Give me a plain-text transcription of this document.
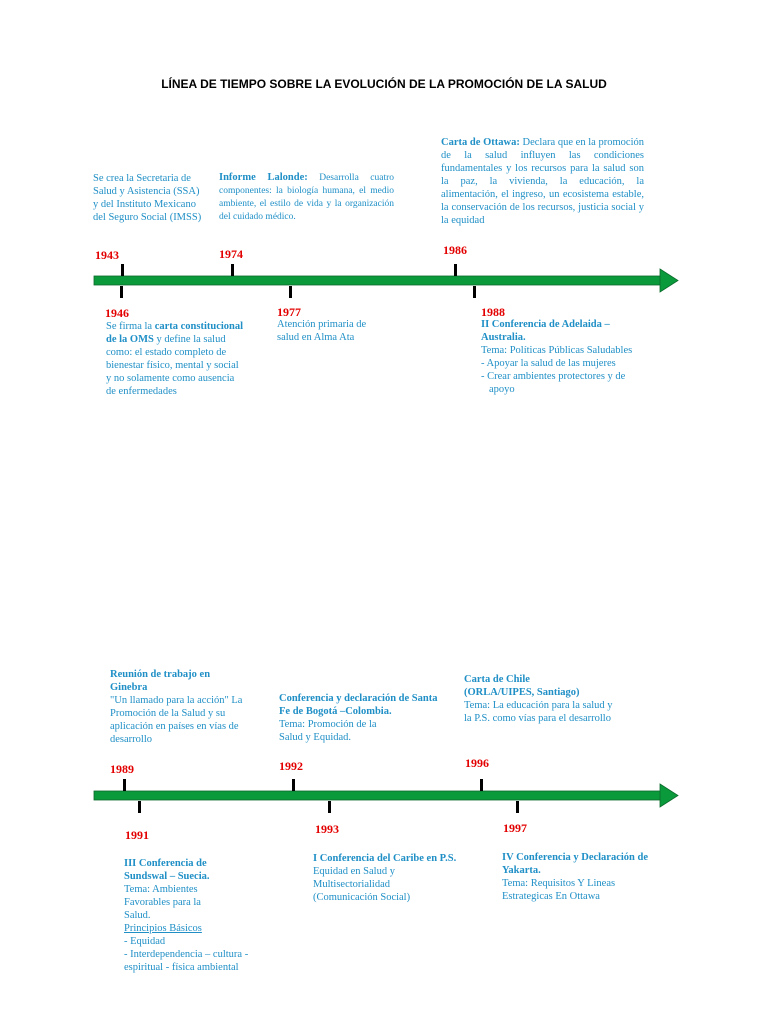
LÍNEA DE TIEMPO SOBRE LA EVOLUCIÓN DE LA PROMOCIÓN DE LA SALUD
1943	1974	1986
1946	1977	1988
Se crea la Secretaria de Salud y Asistencia (SSA) y del Instituto Mexicano del Seguro Social (IMSS)
Informe Lalonde: Desarrolla cuatro componentes: la biología humana, el medio ambiente, el estilo de vida y la organización del cuidado médico.
Carta de Ottawa: Declara que en la promoción de la salud influyen las condiciones fundamentales y los recursos para la salud son la paz, la vivienda, la educación, la alimentación, el ingreso, un ecosistema estable, la conservación de los recursos, justicia social y la equidad
Se firma la carta constitucional de la OMS y define la salud como: el estado completo de bienestar físico, mental y social y no solamente como ausencia de enfermedades
Atención primaria de salud en Alma Ata
II Conferencia de Adelaida – Australia.
Tema: Políticas Públicas Saludables
- Apoyar la salud de las mujeres
- Crear ambientes protectores y de
apoyo
1989	1992	1996
1991	1993	1997
Reunión de trabajo en Ginebra
"Un llamado para la acción" La Promoción de la Salud y su aplicación en países en vías de desarrollo
Conferencia y declaración de Santa Fe de Bogotá –Colombia.
Tema: Promoción de la Salud y Equidad.
Carta de Chile
(ORLA/UIPES, Santiago)
Tema: La educación para la salud y la P.S. como vías para el desarrollo
III Conferencia de Sundswal – Suecia.
Tema: Ambientes Favorables para la Salud.
Principios Básicos
- Equidad
- Interdependencia – cultura - espiritual - física ambiental
I Conferencia del Caribe en P.S.
Equidad en Salud y Multisectorialidad (Comunicación Social)
IV Conferencia y Declaración de Yakarta.
Tema: Requisitos Y Lineas Estrategicas En Ottawa
